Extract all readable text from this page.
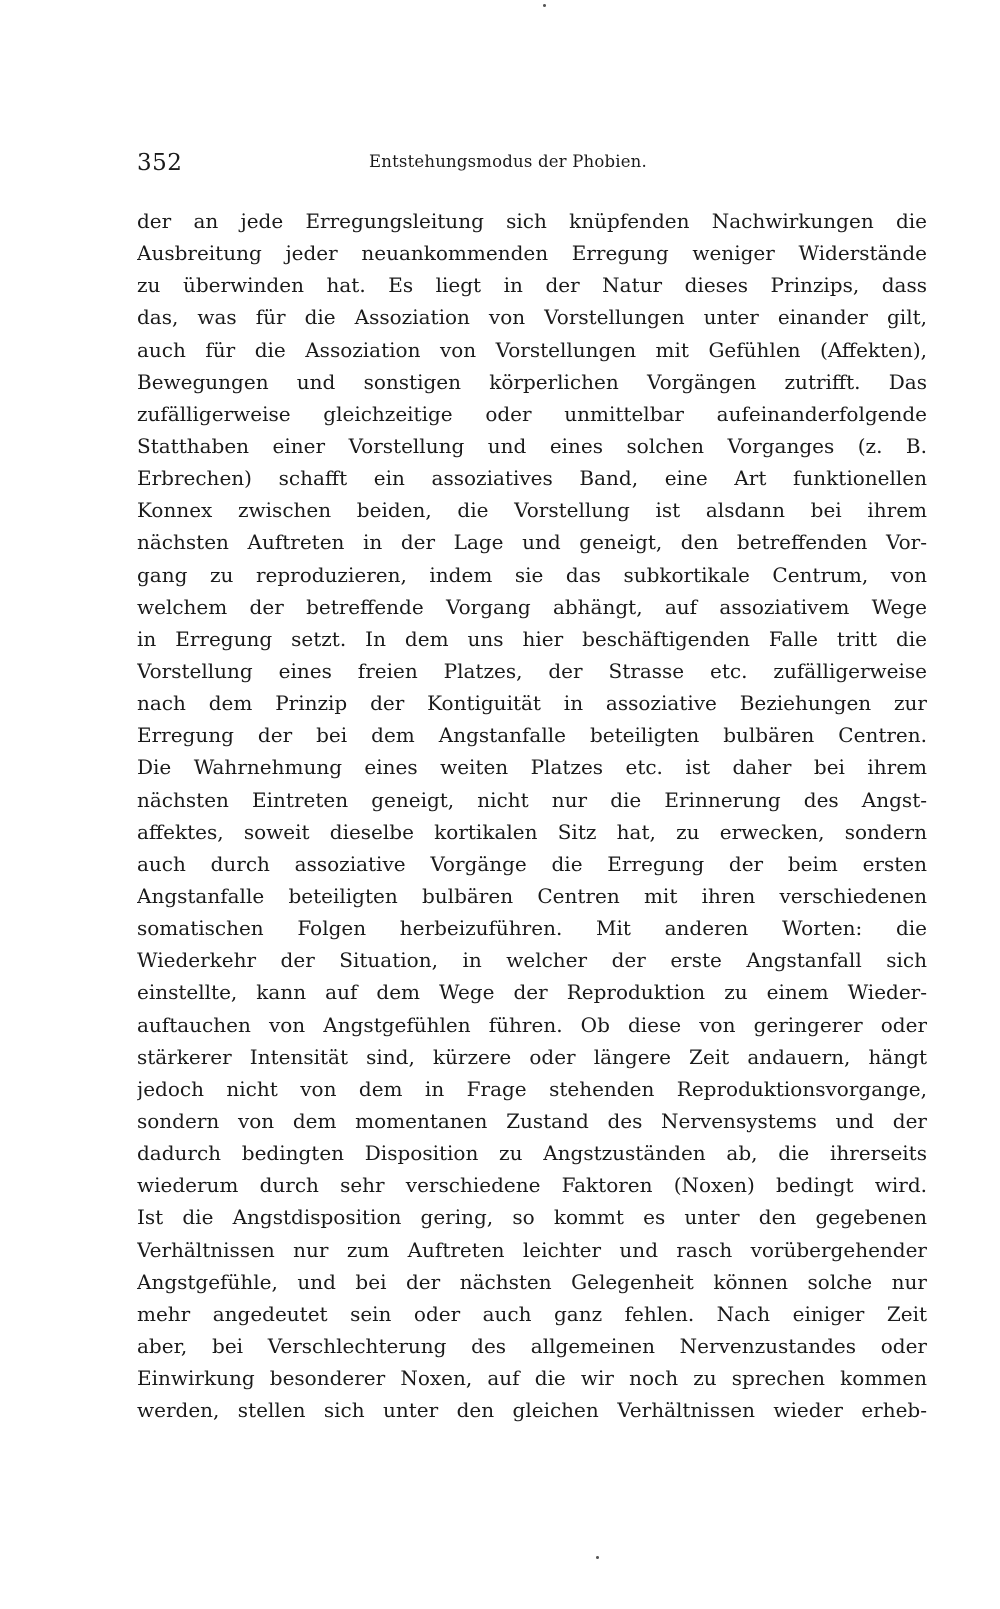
352	Entstehungsmodus der Phobien.
der an jede Erregungsleitung sich knüpfenden Nachwirkungen die
Ausbreitung jeder neuankommenden Erregung weniger Widerstände
zu überwinden hat. Es liegt in der Natur dieses Prinzips, dass
das, was für die Assoziation von Vorstellungen unter einander gilt,
auch für die Assoziation von Vorstellungen mit Gefühlen (Affekten),
Bewegungen und sonstigen körperlichen Vorgängen zutrifft. Das
zufälligerweise gleichzeitige oder unmittelbar aufeinanderfolgende
Statthaben einer Vorstellung und eines solchen Vorganges (z. B.
Erbrechen) schafft ein assoziatives Band, eine Art funktionellen
Konnex zwischen beiden, die Vorstellung ist alsdann bei ihrem
nächsten Auftreten in der Lage und geneigt, den betreffenden Vor-
gang zu reproduzieren, indem sie das subkortikale Centrum, von
welchem der betreffende Vorgang abhängt, auf assoziativem Wege
in Erregung setzt. In dem uns hier beschäftigenden Falle tritt die
Vorstellung eines freien Platzes, der Strasse etc. zufälligerweise
nach dem Prinzip der Kontiguität in assoziative Beziehungen zur
Erregung der bei dem Angstanfalle beteiligten bulbären Centren.
Die Wahrnehmung eines weiten Platzes etc. ist daher bei ihrem
nächsten Eintreten geneigt, nicht nur die Erinnerung des Angst-
affektes, soweit dieselbe kortikalen Sitz hat, zu erwecken, sondern
auch durch assoziative Vorgänge die Erregung der beim ersten
Angstanfalle beteiligten bulbären Centren mit ihren verschiedenen
somatischen Folgen herbeizuführen. Mit anderen Worten: die
Wiederkehr der Situation, in welcher der erste Angstanfall sich
einstellte, kann auf dem Wege der Reproduktion zu einem Wieder-
auftauchen von Angstgefühlen führen. Ob diese von geringerer oder
stärkerer Intensität sind, kürzere oder längere Zeit andauern, hängt
jedoch nicht von dem in Frage stehenden Reproduktionsvorgange,
sondern von dem momentanen Zustand des Nervensystems und der
dadurch bedingten Disposition zu Angstzuständen ab, die ihrerseits
wiederum durch sehr verschiedene Faktoren (Noxen) bedingt wird.
Ist die Angstdisposition gering, so kommt es unter den gegebenen
Verhältnissen nur zum Auftreten leichter und rasch vorübergehender
Angstgefühle, und bei der nächsten Gelegenheit können solche nur
mehr angedeutet sein oder auch ganz fehlen. Nach einiger Zeit
aber, bei Verschlechterung des allgemeinen Nervenzustandes oder
Einwirkung besonderer Noxen, auf die wir noch zu sprechen kommen
werden, stellen sich unter den gleichen Verhältnissen wieder erheb-
